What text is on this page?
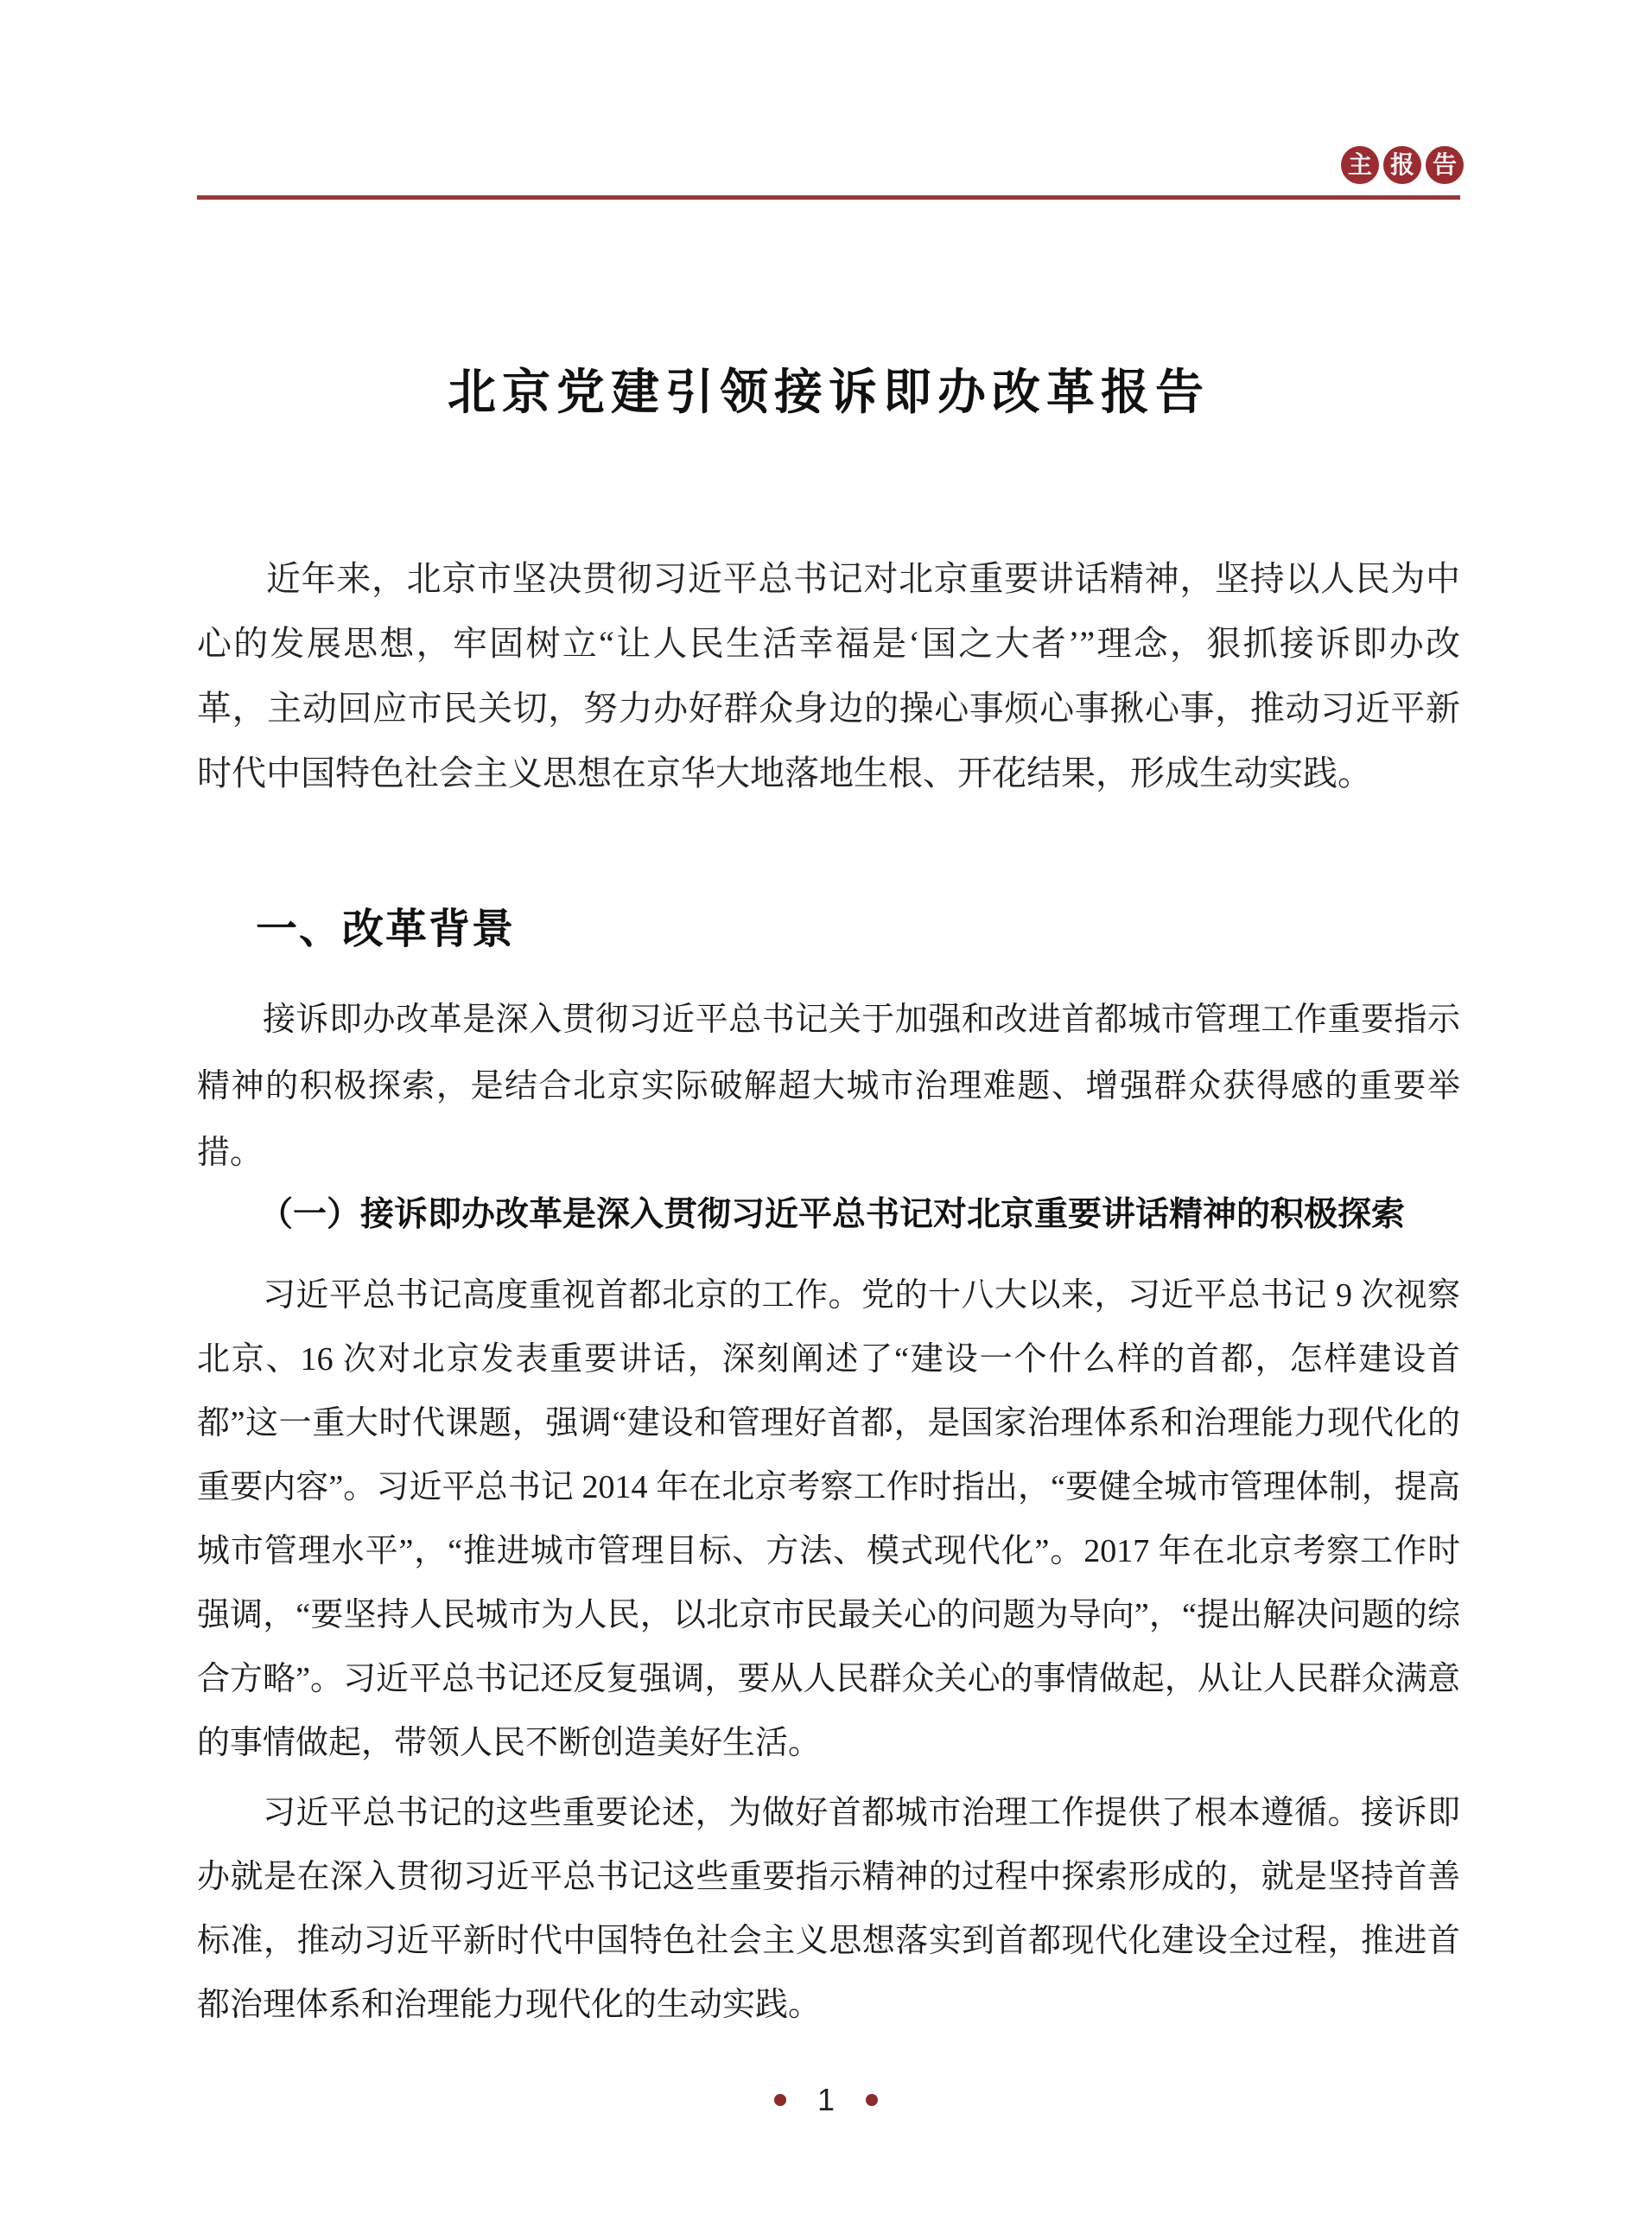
主 报 告
北京党建引领接诉即办改革报告

近年来，北京市坚决贯彻习近平总书记对北京重要讲话精神，坚持以人民为中心的发展思想，牢固树立“让人民生活幸福是‘国之大者’”理念，狠抓接诉即办改革，主动回应市民关切，努力办好群众身边的操心事烦心事揪心事，推动习近平新时代中国特色社会主义思想在京华大地落地生根、开花结果，形成生动实践。

一、改革背景

接诉即办改革是深入贯彻习近平总书记关于加强和改进首都城市管理工作重要指示精神的积极探索，是结合北京实际破解超大城市治理难题、增强群众获得感的重要举措。

（一）接诉即办改革是深入贯彻习近平总书记对北京重要讲话精神的积极探索

习近平总书记高度重视首都北京的工作。党的十八大以来，习近平总书记 9 次视察北京、16 次对北京发表重要讲话，深刻阐述了“建设一个什么样的首都，怎样建设首都”这一重大时代课题，强调“建设和管理好首都，是国家治理体系和治理能力现代化的重要内容”。习近平总书记 2014 年在北京考察工作时指出，“要健全城市管理体制，提高城市管理水平”，“推进城市管理目标、方法、模式现代化”。2017 年在北京考察工作时强调，“要坚持人民城市为人民，以北京市民最关心的问题为导向”，“提出解决问题的综合方略”。习近平总书记还反复强调，要从人民群众关心的事情做起，从让人民群众满意的事情做起，带领人民不断创造美好生活。

习近平总书记的这些重要论述，为做好首都城市治理工作提供了根本遵循。接诉即办就是在深入贯彻习近平总书记这些重要指示精神的过程中探索形成的，就是坚持首善标准，推动习近平新时代中国特色社会主义思想落实到首都现代化建设全过程，推进首都治理体系和治理能力现代化的生动实践。

1
